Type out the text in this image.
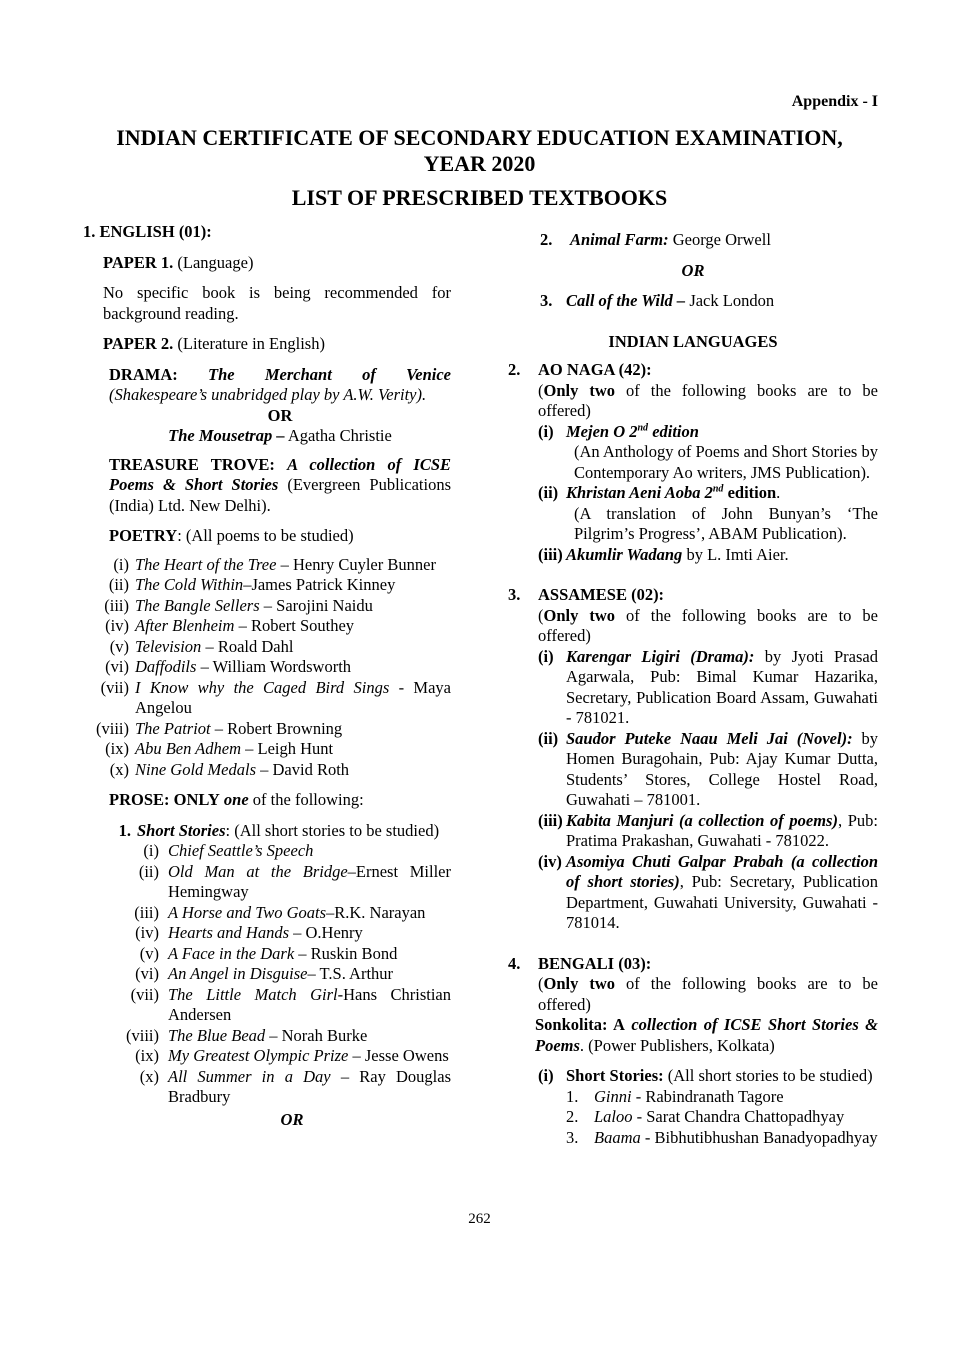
Appendix - I
INDIAN CERTIFICATE OF SECONDARY EDUCATION EXAMINATION,
YEAR 2020
LIST OF PRESCRIBED TEXTBOOKS

1. ENGLISH (01):

PAPER 1. (Language)

No specific book is being recommended for background reading.

PAPER 2. (Literature in English)

DRAMA: The Merchant of Venice

(Shakespeare’s unabridged play by A.W. Verity).

OR

The Mousetrap – Agatha Christie

TREASURE TROVE: A collection of ICSE Poems & Short Stories (Evergreen Publications (India) Ltd. New Delhi).

POETRY: (All poems to be studied)

(i) The Heart of the Tree – Henry Cuyler Bunner
(ii) The Cold Within–James Patrick Kinney
(iii) The Bangle Sellers – Sarojini Naidu
(iv) After Blenheim – Robert Southey
(v) Television – Roald Dahl
(vi) Daffodils – William Wordsworth
(vii) I Know why the Caged Bird Sings - Maya Angelou
(viii) The Patriot – Robert Browning
(ix) Abu Ben Adhem – Leigh Hunt
(x) Nine Gold Medals – David Roth

PROSE: ONLY one of the following:

1. Short Stories: (All short stories to be studied)
(i) Chief Seattle’s Speech
(ii) Old Man at the Bridge–Ernest Miller Hemingway
(iii) A Horse and Two Goats–R.K. Narayan
(iv) Hearts and Hands – O.Henry
(v) A Face in the Dark – Ruskin Bond
(vi) An Angel in Disguise– T.S. Arthur
(vii) The Little Match Girl-Hans Christian Andersen
(viii) The Blue Bead – Norah Burke
(ix) My Greatest Olympic Prize – Jesse Owens
(x) All Summer in a Day – Ray Douglas Bradbury

OR

2.	Animal Farm: George Orwell

OR

3. Call of the Wild – Jack London

INDIAN LANGUAGES

2.	AO NAGA (42):

(Only two of the following books are to be offered)

(i) Mejen O 2nd edition

(An Anthology of Poems and Short Stories by Contemporary Ao writers, JMS Publication).

(ii) Khristan Aeni Aoba 2nd edition.

(A translation of John Bunyan’s ‘The Pilgrim’s Progress’, ABAM Publication).

(iii) Akumlir Wadang by L. Imti Aier.
3.	ASSAMESE (02):

(Only two of the following books are to be offered)

(i) Karengar Ligiri (Drama): by Jyoti Prasad Agarwala, Pub: Bimal Kumar Hazarika, Secretary, Publication Board Assam, Guwahati - 781021.

(ii) Saudor Puteke Naau Meli Jai (Novel): by Homen Buragohain, Pub: Ajay Kumar Dutta, Students’ Stores, College Hostel Road, Guwahati – 781001.

(iii) Kabita Manjuri (a collection of poems), Pub: Pratima Prakashan, Guwahati - 781022.

(iv) Asomiya Chuti Galpar Prabah (a collection of short stories), Pub: Secretary, Publication Department, Guwahati University, Guwahati - 781014.

4.	BENGALI (03):

(Only two of the following books are to be offered)

Sonkolita: A collection of ICSE Short Stories & Poems. (Power Publishers, Kolkata)

(i) Short Stories: (All short stories to be studied)

1. Ginni - Rabindranath Tagore
2. Laloo - Sarat Chandra Chattopadhyay
3. Baama - Bibhutibhushan Banadyopadhyay
262
